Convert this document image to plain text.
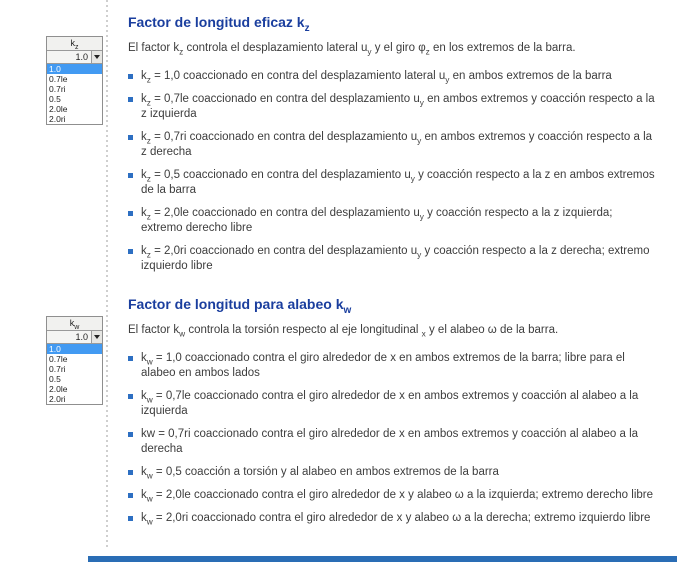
Factor de longitud eficaz $k_z$

El factor $k_z$ controla el desplazamiento lateral $u_y$ y el giro $\varphi_z$ en los extremos de la barra.

$k_z = 1,0$ coaccionado en contra del desplazamiento lateral $u_y$ en ambos extremos de la barra
$k_z = 0,7le$ coaccionado en contra del desplazamiento $u_y$ en ambos extremos y coacción respecto a la z izquierda
$k_z = 0,7ri$ coaccionado en contra del desplazamiento $u_y$ en ambos extremos y coacción respecto a la z derecha
$k_z = 0,5$ coaccionado en contra del desplazamiento $u_y$ y coacción respecto a la z en ambos extremos de la barra
$k_z = 2,0le$ coaccionado en contra del desplazamiento $u_y$ y coacción respecto a la z izquierda; extremo derecho libre
$k_z = 2,0ri$ coaccionado en contra del desplazamiento $u_y$ y coacción respecto a la z derecha; extremo izquierdo libre
Factor de longitud para alabeo $k_w$

El factor $k_w$ controla la torsión respecto al eje longitudinal $_x$ y el alabeo ω de la barra.

$k_w = 1,0$ coaccionado contra el giro alrededor de x en ambos extremos de la barra; libre para el alabeo en ambos lados
$k_w = 0,7le$ coaccionado contra el giro alrededor de x en ambos extremos y coacción al alabeo a la izquierda
kw = 0,7ri coaccionado contra el giro alrededor de x en ambos extremos y coacción al alabeo a la derecha
$k_w = 0,5$ coacción a torsión y al alabeo en ambos extremos de la barra
$k_w = 2,0le$ coaccionado contra el giro alrededor de x y alabeo ω a la izquierda; extremo derecho libre
$k_w = 2,0ri$ coaccionado contra el giro alrededor de x y alabeo ω a la derecha; extremo izquierdo libre
$k_z$
1.0
1.0
0.7le
0.7ri
0.5
2.0le
2.0ri
$k_w$
1.0
1.0
0.7le
0.7ri
0.5
2.0le
2.0ri
